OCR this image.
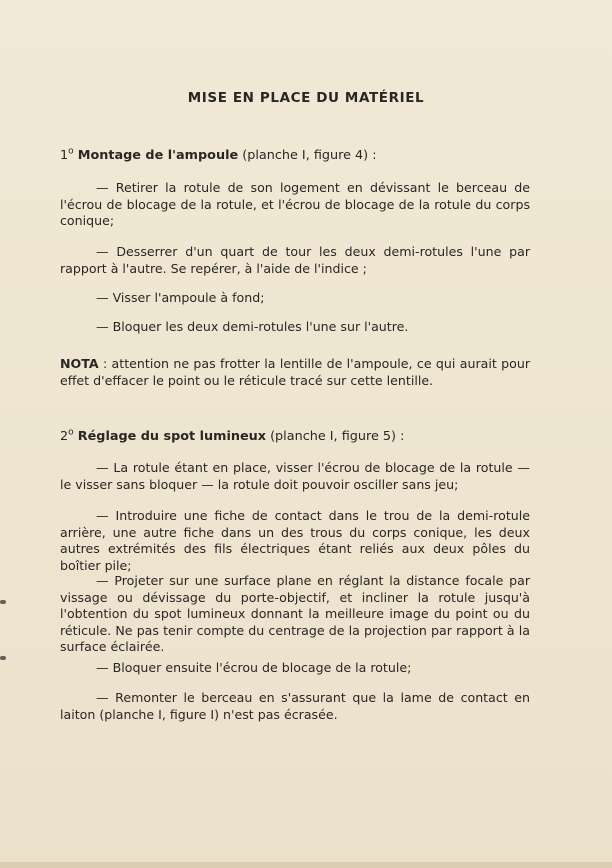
MISE EN PLACE DU MATÉRIEL
1$^o$ Montage de l'ampoule (planche I, figure 4) :
— Retirer la rotule de son logement en dévissant le berceau de l'écrou de blocage de la rotule, et l'écrou de blocage de la rotule du corps conique;
— Desserrer d'un quart de tour les deux demi-rotules l'une par rapport à l'autre. Se repérer, à l'aide de l'indice ;
— Visser l'ampoule à fond;
— Bloquer les deux demi-rotules l'une sur l'autre.
NOTA : attention ne pas frotter la lentille de l'ampoule, ce qui aurait pour effet d'effacer le point ou le réticule tracé sur cette lentille.
2$^o$ Réglage du spot lumineux (planche I, figure 5) :
— La rotule étant en place, visser l'écrou de blocage de la rotule — le visser sans bloquer — la rotule doit pouvoir osciller sans jeu;
— Introduire une fiche de contact dans le trou de la demi-rotule arrière, une autre fiche dans un des trous du corps conique, les deux autres extrémités des fils électriques étant reliés aux deux pôles du boîtier pile;
— Projeter sur une surface plane en réglant la distance focale par vissage ou dévissage du porte-objectif, et incliner la rotule jusqu'à l'obtention du spot lumineux donnant la meilleure image du point ou du réticule. Ne pas tenir compte du centrage de la projection par rapport à la surface éclairée.
— Bloquer ensuite l'écrou de blocage de la rotule;
— Remonter le berceau en s'assurant que la lame de contact en laiton (planche I, figure I) n'est pas écrasée.
